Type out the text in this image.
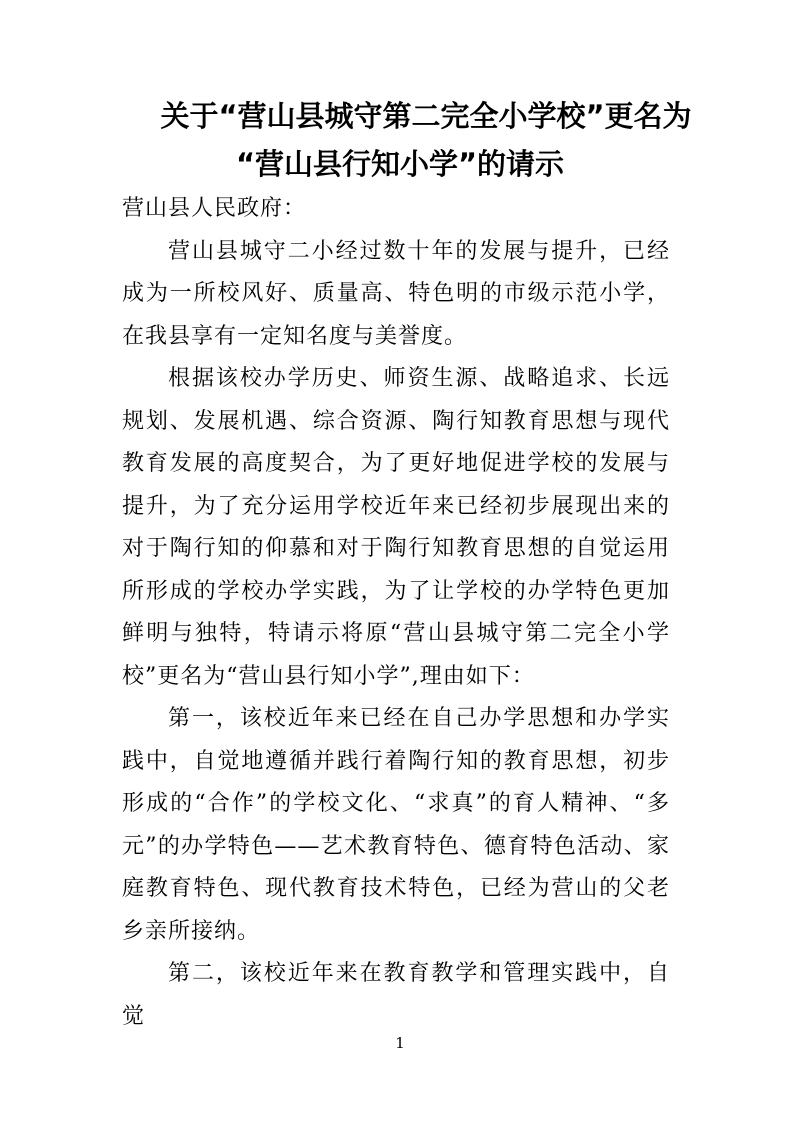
关于“营山县城守第二完全小学校”更名为
“营山县行知小学”的请示

营山县人民政府：

营山县城守二小经过数十年的发展与提升，已经成为一所校风好、质量高、特色明的市级示范小学，在我县享有一定知名度与美誉度。

根据该校办学历史、师资生源、战略追求、长远规划、发展机遇、综合资源、陶行知教育思想与现代教育发展的高度契合，为了更好地促进学校的发展与提升，为了充分运用学校近年来已经初步展现出来的对于陶行知的仰慕和对于陶行知教育思想的自觉运用所形成的学校办学实践，为了让学校的办学特色更加鲜明与独特，特请示将原“营山县城守第二完全小学校”更名为“营山县行知小学”,理由如下：

第一，该校近年来已经在自己办学思想和办学实践中，自觉地遵循并践行着陶行知的教育思想，初步形成的“合作”的学校文化、“求真”的育人精神、“多元”的办学特色——艺术教育特色、德育特色活动、家庭教育特色、现代教育技术特色，已经为营山的父老乡亲所接纳。

第二，该校近年来在教育教学和管理实践中，自觉

1
